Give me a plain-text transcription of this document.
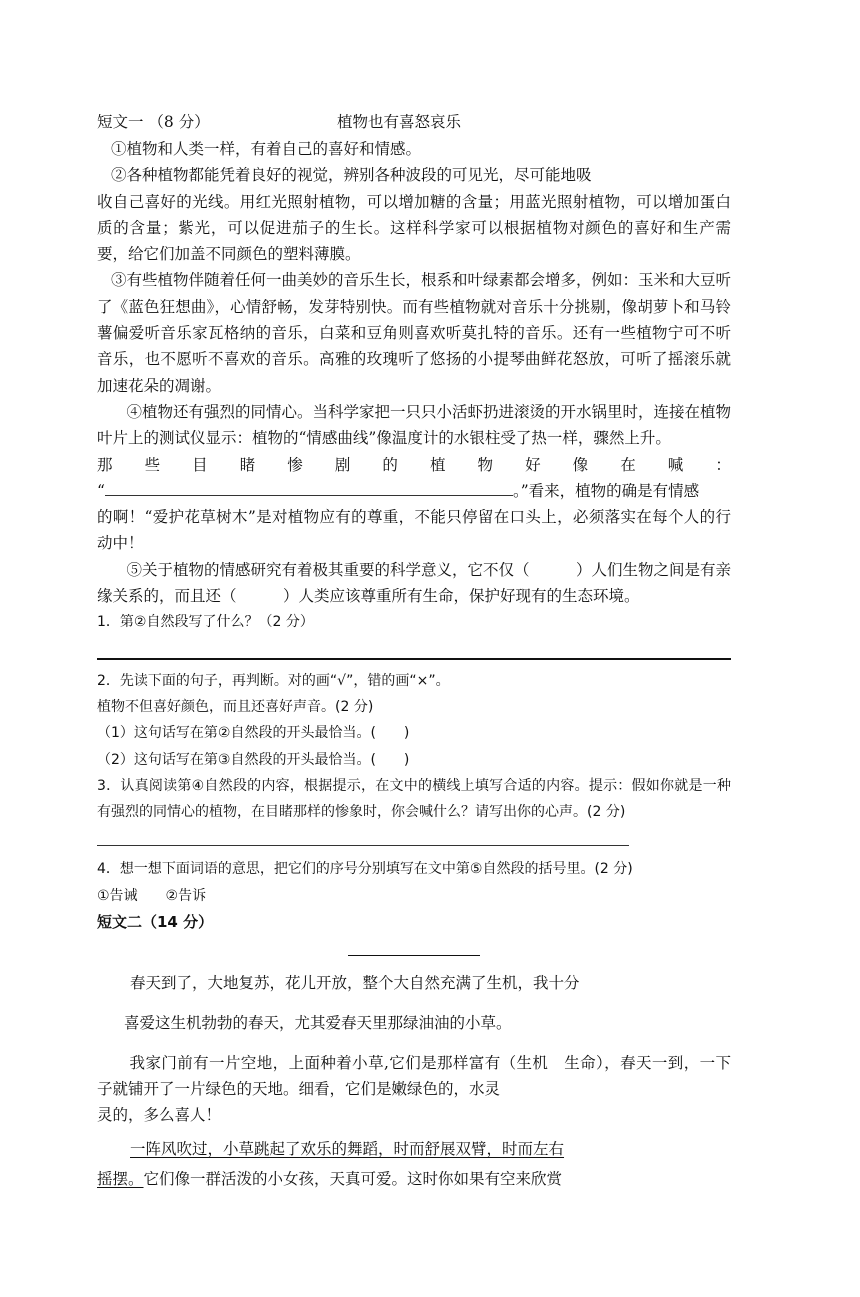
短文一 （8 分）	植物也有喜怒哀乐

①植物和人类一样，有着自己的喜好和情感。

②各种植物都能凭着良好的视觉，辨别各种波段的可见光，尽可能地吸

收自己喜好的光线。用红光照射植物，可以增加糖的含量；用蓝光照射植物，可以增加蛋白质的含量；紫光，可以促进茄子的生长。这样科学家可以根据植物对颜色的喜好和生产需要，给它们加盖不同颜色的塑料薄膜。

③有些植物伴随着任何一曲美妙的音乐生长，根系和叶绿素都会增多，例如：玉米和大豆听了《蓝色狂想曲》，心情舒畅，发芽特别快。而有些植物就对音乐十分挑剔，像胡萝卜和马铃薯偏爱听音乐家瓦格纳的音乐，白菜和豆角则喜欢听莫扎特的音乐。还有一些植物宁可不听音乐，也不愿听不喜欢的音乐。高雅的玫瑰听了悠扬的小提琴曲鲜花怒放，可听了摇滚乐就加速花朵的凋谢。

④植物还有强烈的同情心。当科学家把一只只小活虾扔进滚烫的开水锅里时，连接在植物叶片上的测试仪显示：植物的“情感曲线”像温度计的水银柱受了热一样，骤然上升。

那 些 目 睹 惨 剧 的 植 物 好 像 在 喊 ：

“	。”看来，植物的确是有情感

的啊！“爱护花草树木”是对植物应有的尊重，不能只停留在口头上，必须落实在每个人的行动中！

⑤关于植物的情感研究有着极其重要的科学意义，它不仅（　　　）人们生物之间是有亲缘关系的，而且还（　　　）人类应该尊重所有生命，保护好现有的生态环境。

1．第②自然段写了什么？（2 分）

2．先读下面的句子，再判断。对的画“√”，错的画“×”。

植物不但喜好颜色，而且还喜好声音。(2 分)

（1）这句话写在第②自然段的开头最恰当。(　　)

（2）这句话写在第③自然段的开头最恰当。(　　)

3．认真阅读第④自然段的内容，根据提示，在文中的横线上填写合适的内容。提示：假如你就是一种有强烈的同情心的植物，在目睹那样的惨象时，你会喊什么？请写出你的心声。(2 分)

4．想一想下面词语的意思，把它们的序号分别填写在文中第⑤自然段的括号里。(2 分)

①告诫　　②告诉

短文二（14 分）

春天到了，大地复苏，花儿开放，整个大自然充满了生机，我十分

喜爱这生机勃勃的春天，尤其爱春天里那绿油油的小草。

我家门前有一片空地，上面种着小草,它们是那样富有（生机　生命），春天一到，一下子就铺开了一片绿色的天地。细看，它们是嫩绿色的，水灵

灵的，多么喜人！

一阵风吹过，小草跳起了欢乐的舞蹈，时而舒展双臂，时而左右

摇摆。它们像一群活泼的小女孩，天真可爱。这时你如果有空来欣赏
